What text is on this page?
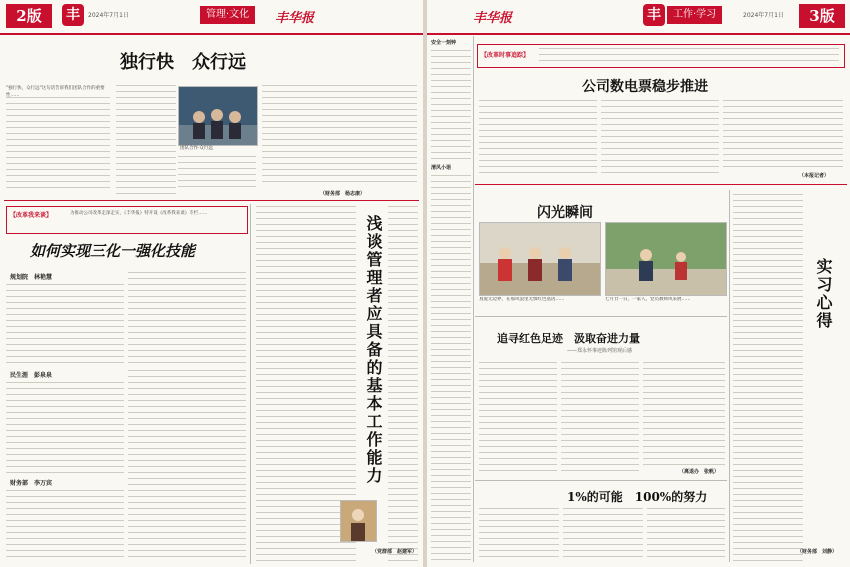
2版	丰	2024年7月1日	管理·文化	丰华报
独行快　众行远
"独行快，众行远"这句话告诉我们团队合作的重要性……
团队合作·众行远
（财务部　杨志康）
【改革我来谈】	为推动公司改革走深走实，《丰华报》特开设《改革我来谈》专栏……
如何实现三化一强化技能
规划院　林艳慧
民生涯　彭泉泉
财务部　李万宾	浅谈管理者应具备的基本工作能力
（党群部　赵建军）
丰华报	丰	工作·学习	2024年7月1日	3版
【改革时事追踪】
公司数电票稳步推进
安全一刻钟
清风小语
（本报记者）
闪光瞬间
真爱无边界，在那风浪里无惧红色基因……	七月廿一日，一家人，党员教师风采展……	实习心得
（财务部　刘静）
追寻红色足迹　汲取奋进力量
——郑永怀事迹陈列馆观后感
（离退办　张帆）
1%的可能　100%的努力
